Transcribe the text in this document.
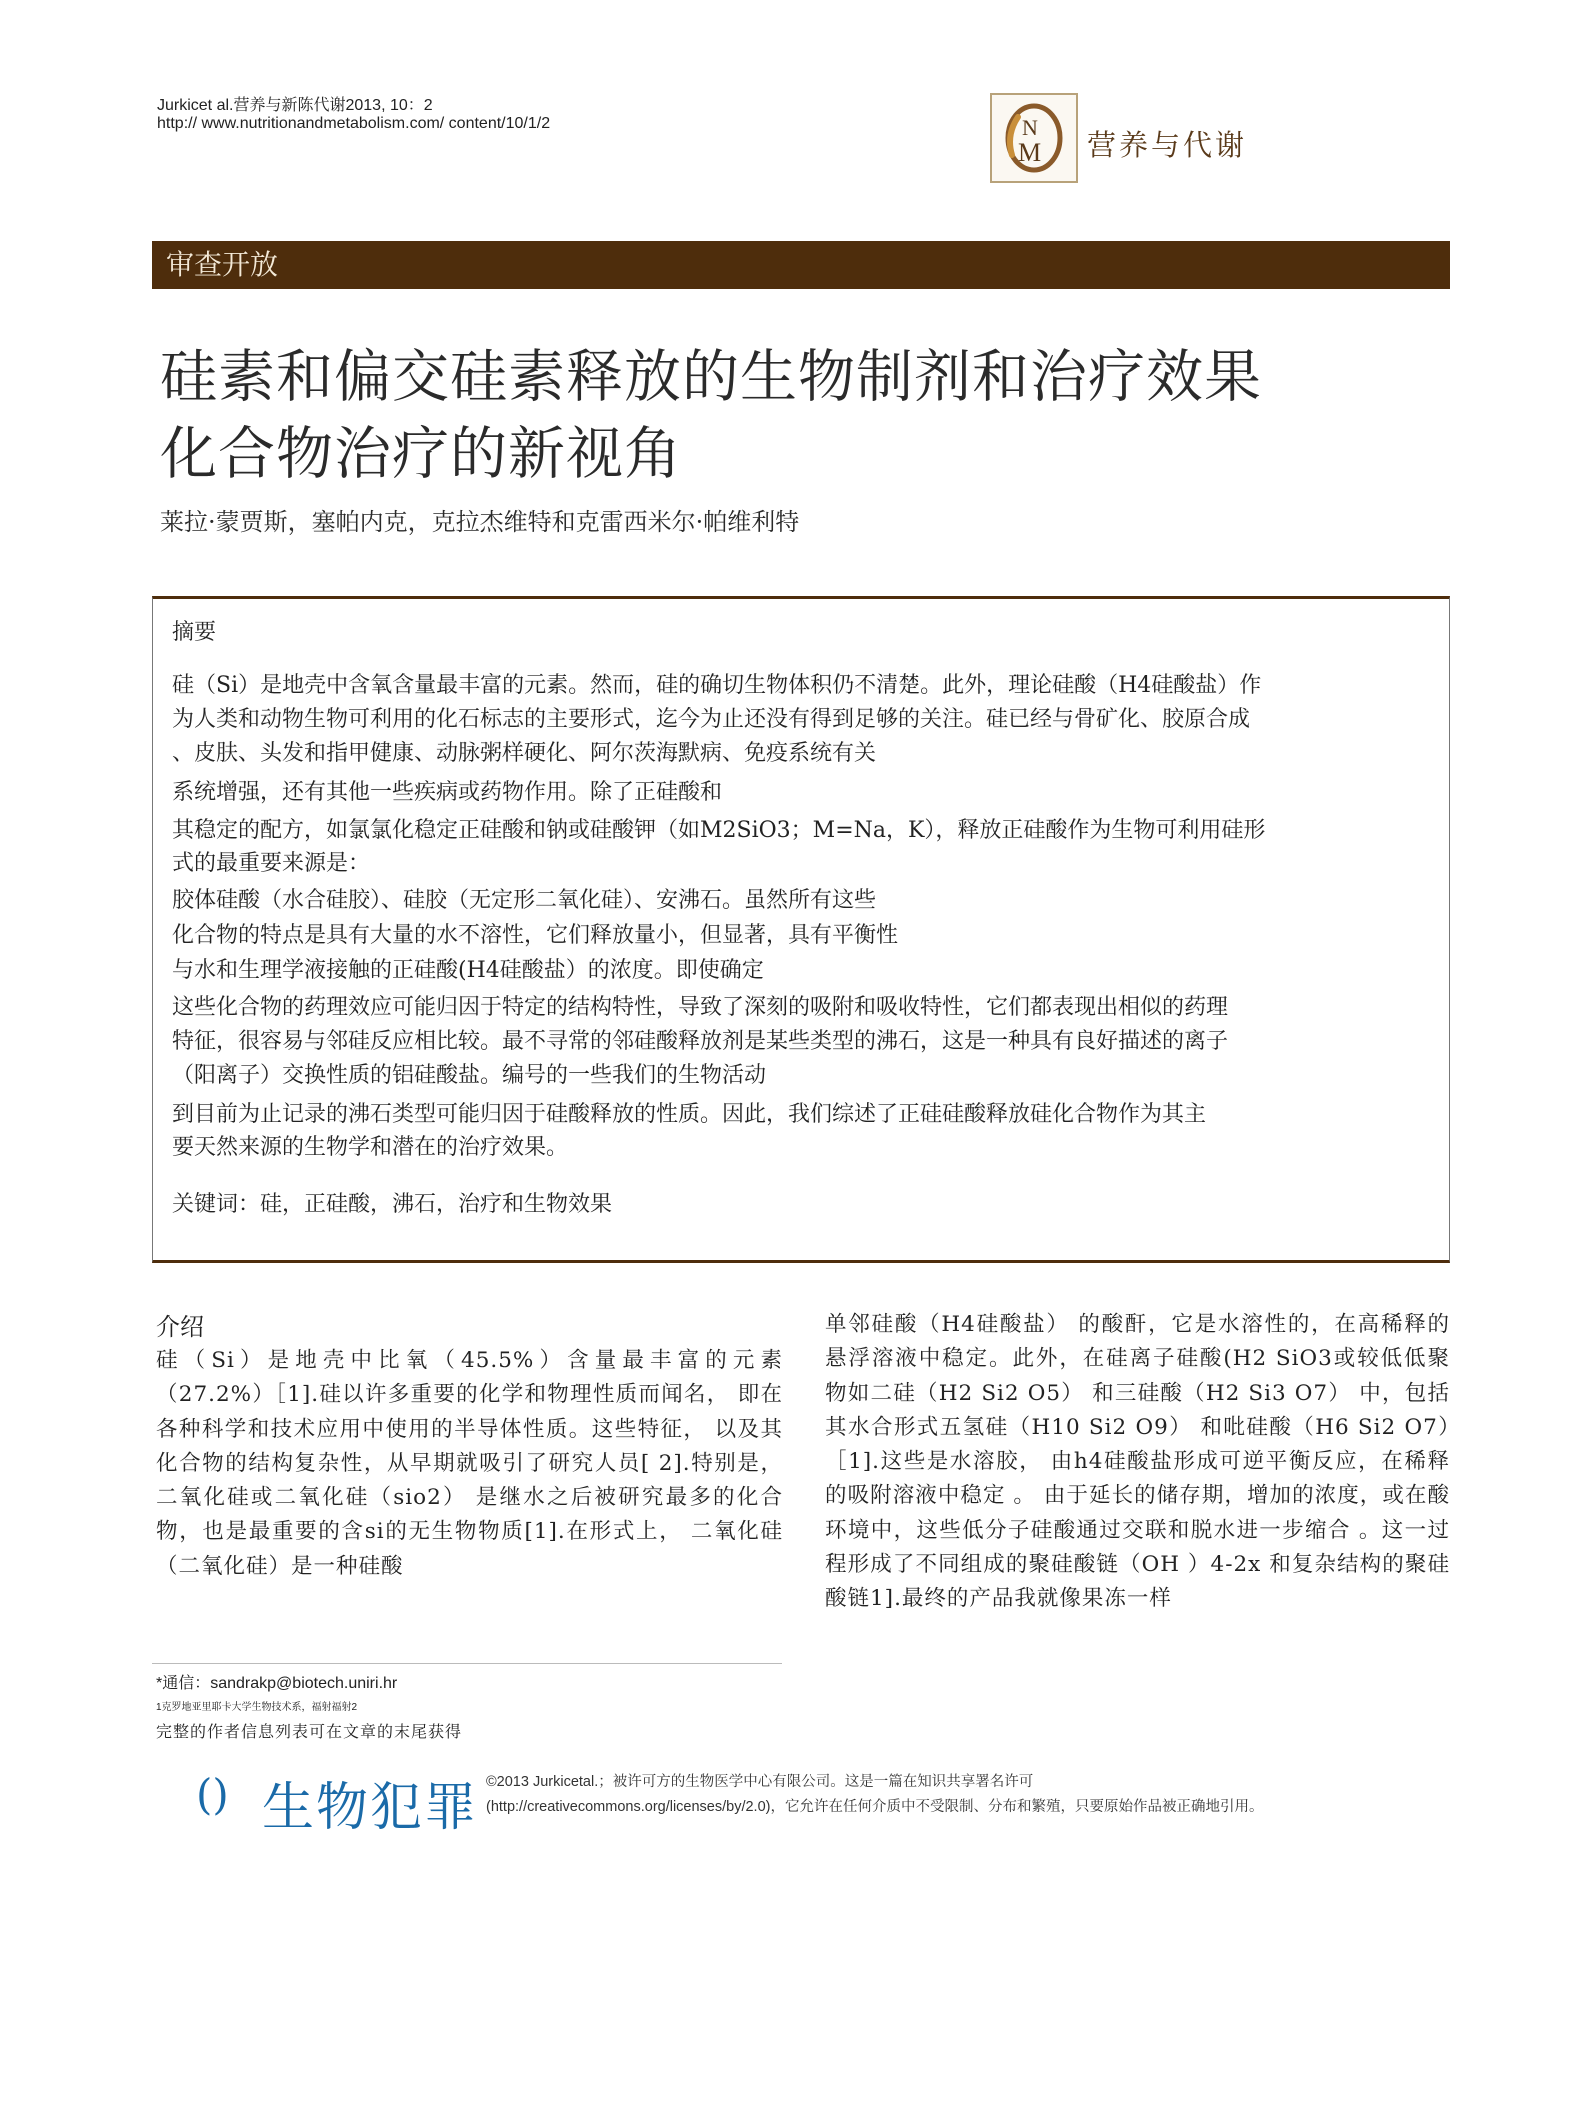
Jurkicet al.营养与新陈代谢2013, 10：2
http:// www.nutritionandmetabolism.com/ content/10/1/2	N
M 营养与代谢
审查开放
硅素和偏交硅素释放的生物制剂和治疗效果
化合物治疗的新视角
莱拉·蒙贾斯，塞帕内克，克拉杰维特和克雷西米尔·帕维利特
摘要
硅（Si）是地壳中含氧含量最丰富的元素。然而，硅的确切生物体积仍不清楚。此外，理论硅酸（H4硅酸盐）作
为人类和动物生物可利用的化石标志的主要形式，迄今为止还没有得到足够的关注。硅已经与骨矿化、胶原合成
、皮肤、头发和指甲健康、动脉粥样硬化、阿尔茨海默病、免疫系统有关
系统增强，还有其他一些疾病或药物作用。除了正硅酸和
其稳定的配方，如氯氯化稳定正硅酸和钠或硅酸钾（如M2SiO3；M=Na，K），释放正硅酸作为生物可利用硅形
式的最重要来源是：
胶体硅酸（水合硅胶）、硅胶（无定形二氧化硅）、安沸石。虽然所有这些
化合物的特点是具有大量的水不溶性，它们释放量小，但显著，具有平衡性
与水和生理学液接触的正硅酸(H4硅酸盐）的浓度。即使确定
这些化合物的药理效应可能归因于特定的结构特性，导致了深刻的吸附和吸收特性，它们都表现出相似的药理
特征，很容易与邻硅反应相比较。最不寻常的邻硅酸释放剂是某些类型的沸石，这是一种具有良好描述的离子
（阳离子）交换性质的铝硅酸盐。编号的一些我们的生物活动
到目前为止记录的沸石类型可能归因于硅酸释放的性质。因此，我们综述了正硅硅酸释放硅化合物作为其主
要天然来源的生物学和潜在的治疗效果。
关键词：硅，正硅酸，沸石，治疗和生物效果
介绍
硅（Si）是地壳中比氧（45.5%）含量最丰富的元素（27.2%）［1].硅以许多重要的化学和物理性质而闻名， 即在各种科学和技术应用中使用的半导体性质。这些特征， 以及其化合物的结构复杂性，从早期就吸引了研究人员[ 2].特别是， 二氧化硅或二氧化硅（sio2） 是继水之后被研究最多的化合物，也是最重要的含si的无生物物质[1].在形式上， 二氧化硅（二氧化硅）是一种硅酸
单邻硅酸（H4硅酸盐） 的酸酐，它是水溶性的，在高稀释的悬浮溶液中稳定。此外，在硅离子硅酸(H2 SiO3或较低低聚物如二硅（H2 Si2 O5） 和三硅酸（H2 Si3 O7） 中，包括其水合形式五氢硅（H10 Si2 O9） 和吡硅酸（H6 Si2 O7）［1].这些是水溶胶， 由h4硅酸盐形成可逆平衡反应，在稀释的吸附溶液中稳定 。 由于延长的储存期，增加的浓度，或在酸环境中，这些低分子硅酸通过交联和脱水进一步缩合 。这一过程形成了不同组成的聚硅酸链（OH ）4-2x 和复杂结构的聚硅酸链1].最终的产品我就像果冻一样
*通信：sandrakp@biotech.uniri.hr
1克罗地亚里耶卡大学生物技术系，福射福射2
完整的作者信息列表可在文章的末尾获得
() 生物犯罪 ©2013 Jurkicetal.；被许可方的生物医学中心有限公司。这是一篇在知识共享署名许可
(http://creativecommons.org/licenses/by/2.0)，它允许在任何介质中不受限制、分布和繁殖，只要原始作品被正确地引用。
